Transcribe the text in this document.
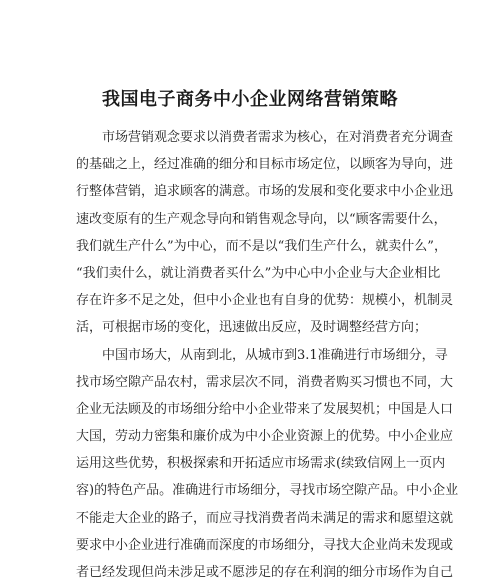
我国电子商务中小企业网络营销策略
市场营销观念要求以消费者需求为核心，在对消费者充分调查
的基础之上，经过准确的细分和目标市场定位，以顾客为导向，进
行整体营销，追求顾客的满意。市场的发展和变化要求中小企业迅
速改变原有的生产观念导向和销售观念导向，以“顾客需要什么，
我们就生产什么”为中心，而不是以“我们生产什么，就卖什么”，
“我们卖什么，就让消费者买什么”为中心中小企业与大企业相比
存在许多不足之处，但中小企业也有自身的优势：规模小，机制灵
活，可根据市场的变化，迅速做出反应，及时调整经营方向；
中国市场大，从南到北，从城市到3.1准确进行市场细分，寻
找市场空隙产品农村，需求层次不同，消费者购买习惯也不同，大
企业无法顾及的市场细分给中小企业带来了发展契机；中国是人口
大国，劳动力密集和廉价成为中小企业资源上的优势。中小企业应
运用这些优势，积极探索和开拓适应市场需求(续致信网上一页内
容)的特色产品。准确进行市场细分，寻找市场空隙产品。中小企业
不能走大企业的路子，而应寻找消费者尚未满足的需求和愿望这就
要求中小企业进行准确而深度的市场细分，寻找大企业尚未发现或
者已经发现但尚未涉足或不愿涉足的存在利润的细分市场作为自己
